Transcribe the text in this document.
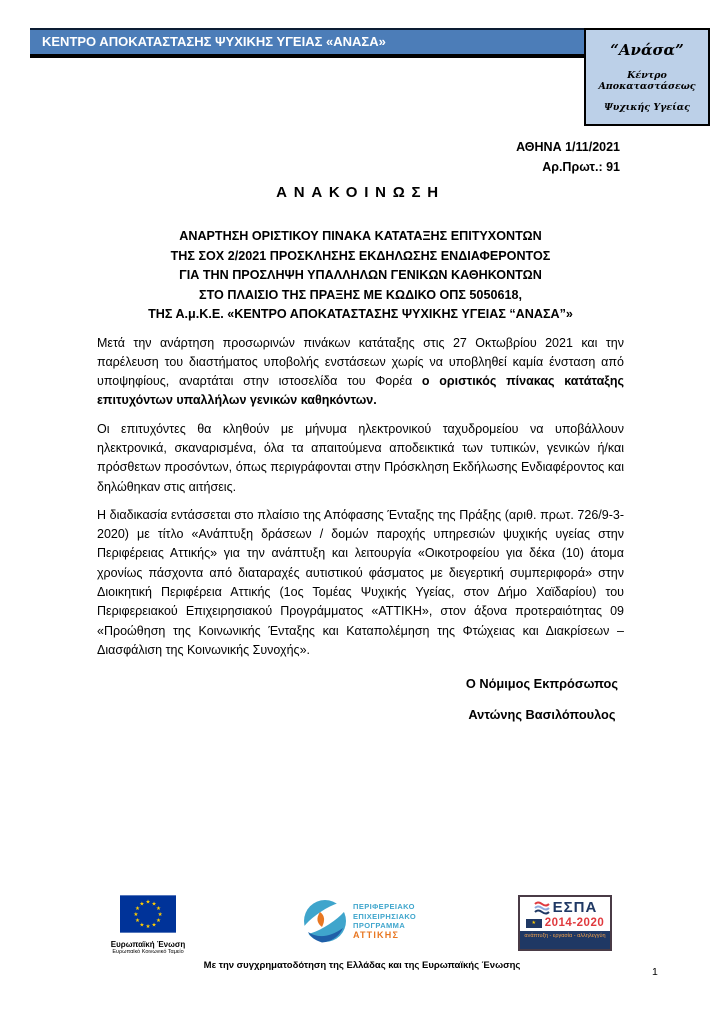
ΚΕΝΤΡΟ ΑΠΟΚΑΤΑΣΤΑΣΗΣ ΨΥΧΙΚΗΣ ΥΓΕΙΑΣ «ΑΝΑΣΑ»	“Ανάσα”
Κέντρο Αποκαταστάσεως
Ψυχικής Υγείας
ΑΘΗΝΑ 1/11/2021
Αρ.Πρωτ.: 91
ΑΝΑΚΟΙΝΩΣΗ
ΑΝΑΡΤΗΣΗ ΟΡΙΣΤΙΚΟΥ ΠΙΝΑΚΑ ΚΑΤΑΤΑΞΗΣ ΕΠΙΤΥΧΟΝΤΩΝ
ΤΗΣ ΣΟΧ 2/2021 ΠΡΟΣΚΛΗΣΗΣ ΕΚΔΗΛΩΣΗΣ ΕΝΔΙΑΦΕΡΟΝΤΟΣ
ΓΙΑ ΤΗΝ ΠΡΟΣΛΗΨΗ ΥΠΑΛΛΗΛΩΝ ΓΕΝΙΚΩΝ ΚΑΘΗΚΟΝΤΩΝ
ΣΤΟ ΠΛΑΙΣΙΟ ΤΗΣ ΠΡΑΞΗΣ ΜΕ ΚΩΔΙΚΟ ΟΠΣ 5050618,
ΤΗΣ Α.μ.Κ.Ε. «ΚΕΝΤΡΟ ΑΠΟΚΑΤΑΣΤΑΣΗΣ ΨΥΧΙΚΗΣ ΥΓΕΙΑΣ “ΑΝΑΣΑ”»

Μετά την ανάρτηση προσωρινών πινάκων κατάταξης στις 27 Οκτωβρίου 2021 και την παρέλευση του διαστήματος υποβολής ενστάσεων χωρίς να υποβληθεί καμία ένσταση από υποψηφίους, αναρτάται στην ιστοσελίδα του Φορέα ο οριστικός πίνακας κατάταξης επιτυχόντων υπαλλήλων γενικών καθηκόντων.

Οι επιτυχόντες θα κληθούν με μήνυμα ηλεκτρονικού ταχυδρομείου να υποβάλλουν ηλεκτρονικά, σκαναρισμένα, όλα τα απαιτούμενα αποδεικτικά των τυπικών, γενικών ή/και πρόσθετων προσόντων, όπως περιγράφονται στην Πρόσκληση Εκδήλωσης Ενδιαφέροντος και δηλώθηκαν στις αιτήσεις.

Η διαδικασία εντάσσεται στο πλαίσιο της Απόφασης Ένταξης της Πράξης (αριθ. πρωτ. 726/9-3-2020) με τίτλο «Ανάπτυξη δράσεων / δομών παροχής υπηρεσιών ψυχικής υγείας στην Περιφέρειας Αττικής» για την ανάπτυξη και λειτουργία «Οικοτροφείου για δέκα (10) άτομα χρονίως πάσχοντα από διαταραχές αυτιστικού φάσματος με διεγερτική συμπεριφορά» στην Διοικητική Περιφέρεια Αττικής (1ος Τομέας Ψυχικής Υγείας, στον Δήμο Χαϊδαρίου) του Περιφερειακού Επιχειρησιακού Προγράμματος «ΑΤΤΙΚΗ», στον άξονα προτεραιότητας 09 «Προώθηση της Κοινωνικής Ένταξης και Καταπολέμηση της Φτώχειας και Διακρίσεων – Διασφάλιση της Κοινωνικής Συνοχής».

Ο Νόμιμος Εκπρόσωπος
Αντώνης Βασιλόπουλος
★ ★
★
★
★
★
★
★
★
★
★
★
Ευρωπαϊκή Ένωση
Ευρωπαϊκό Κοινωνικό Ταμείο
ΠΕΡΙΦΕΡΕΙΑΚΟ
ΕΠΙΧΕΙΡΗΣΙΑΚΟ
ΠΡΟΓΡΑΜΜΑ
ΑΤΤΙΚΗΣ
ΕΣΠΑ
★ 2014-2020
ανάπτυξη - εργασία - αλληλεγγύη
Με την συγχρηματοδότηση της Ελλάδας και της Ευρωπαϊκής Ένωσης
1
